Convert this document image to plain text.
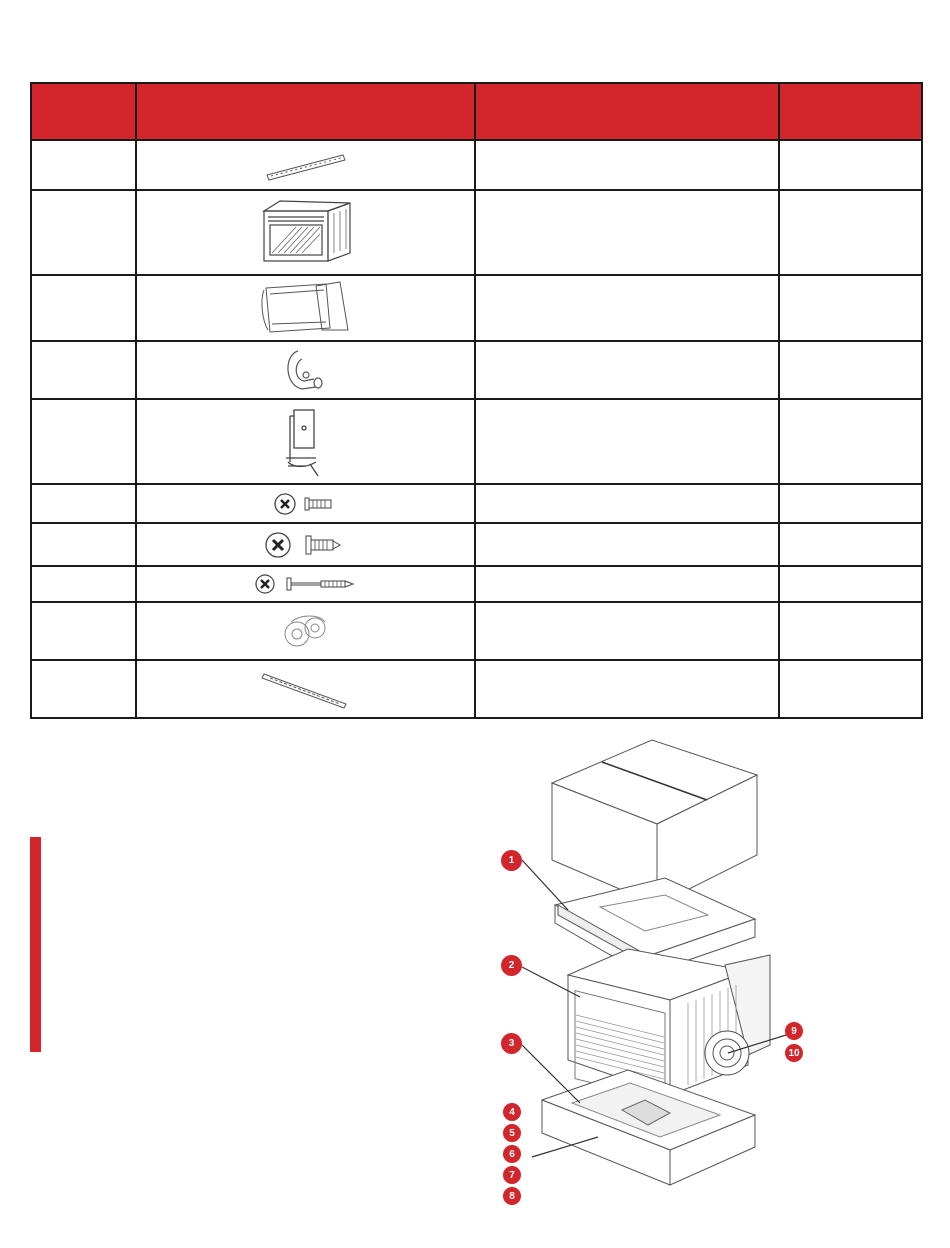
1
2
3
4
5
6
7
8
9
10
